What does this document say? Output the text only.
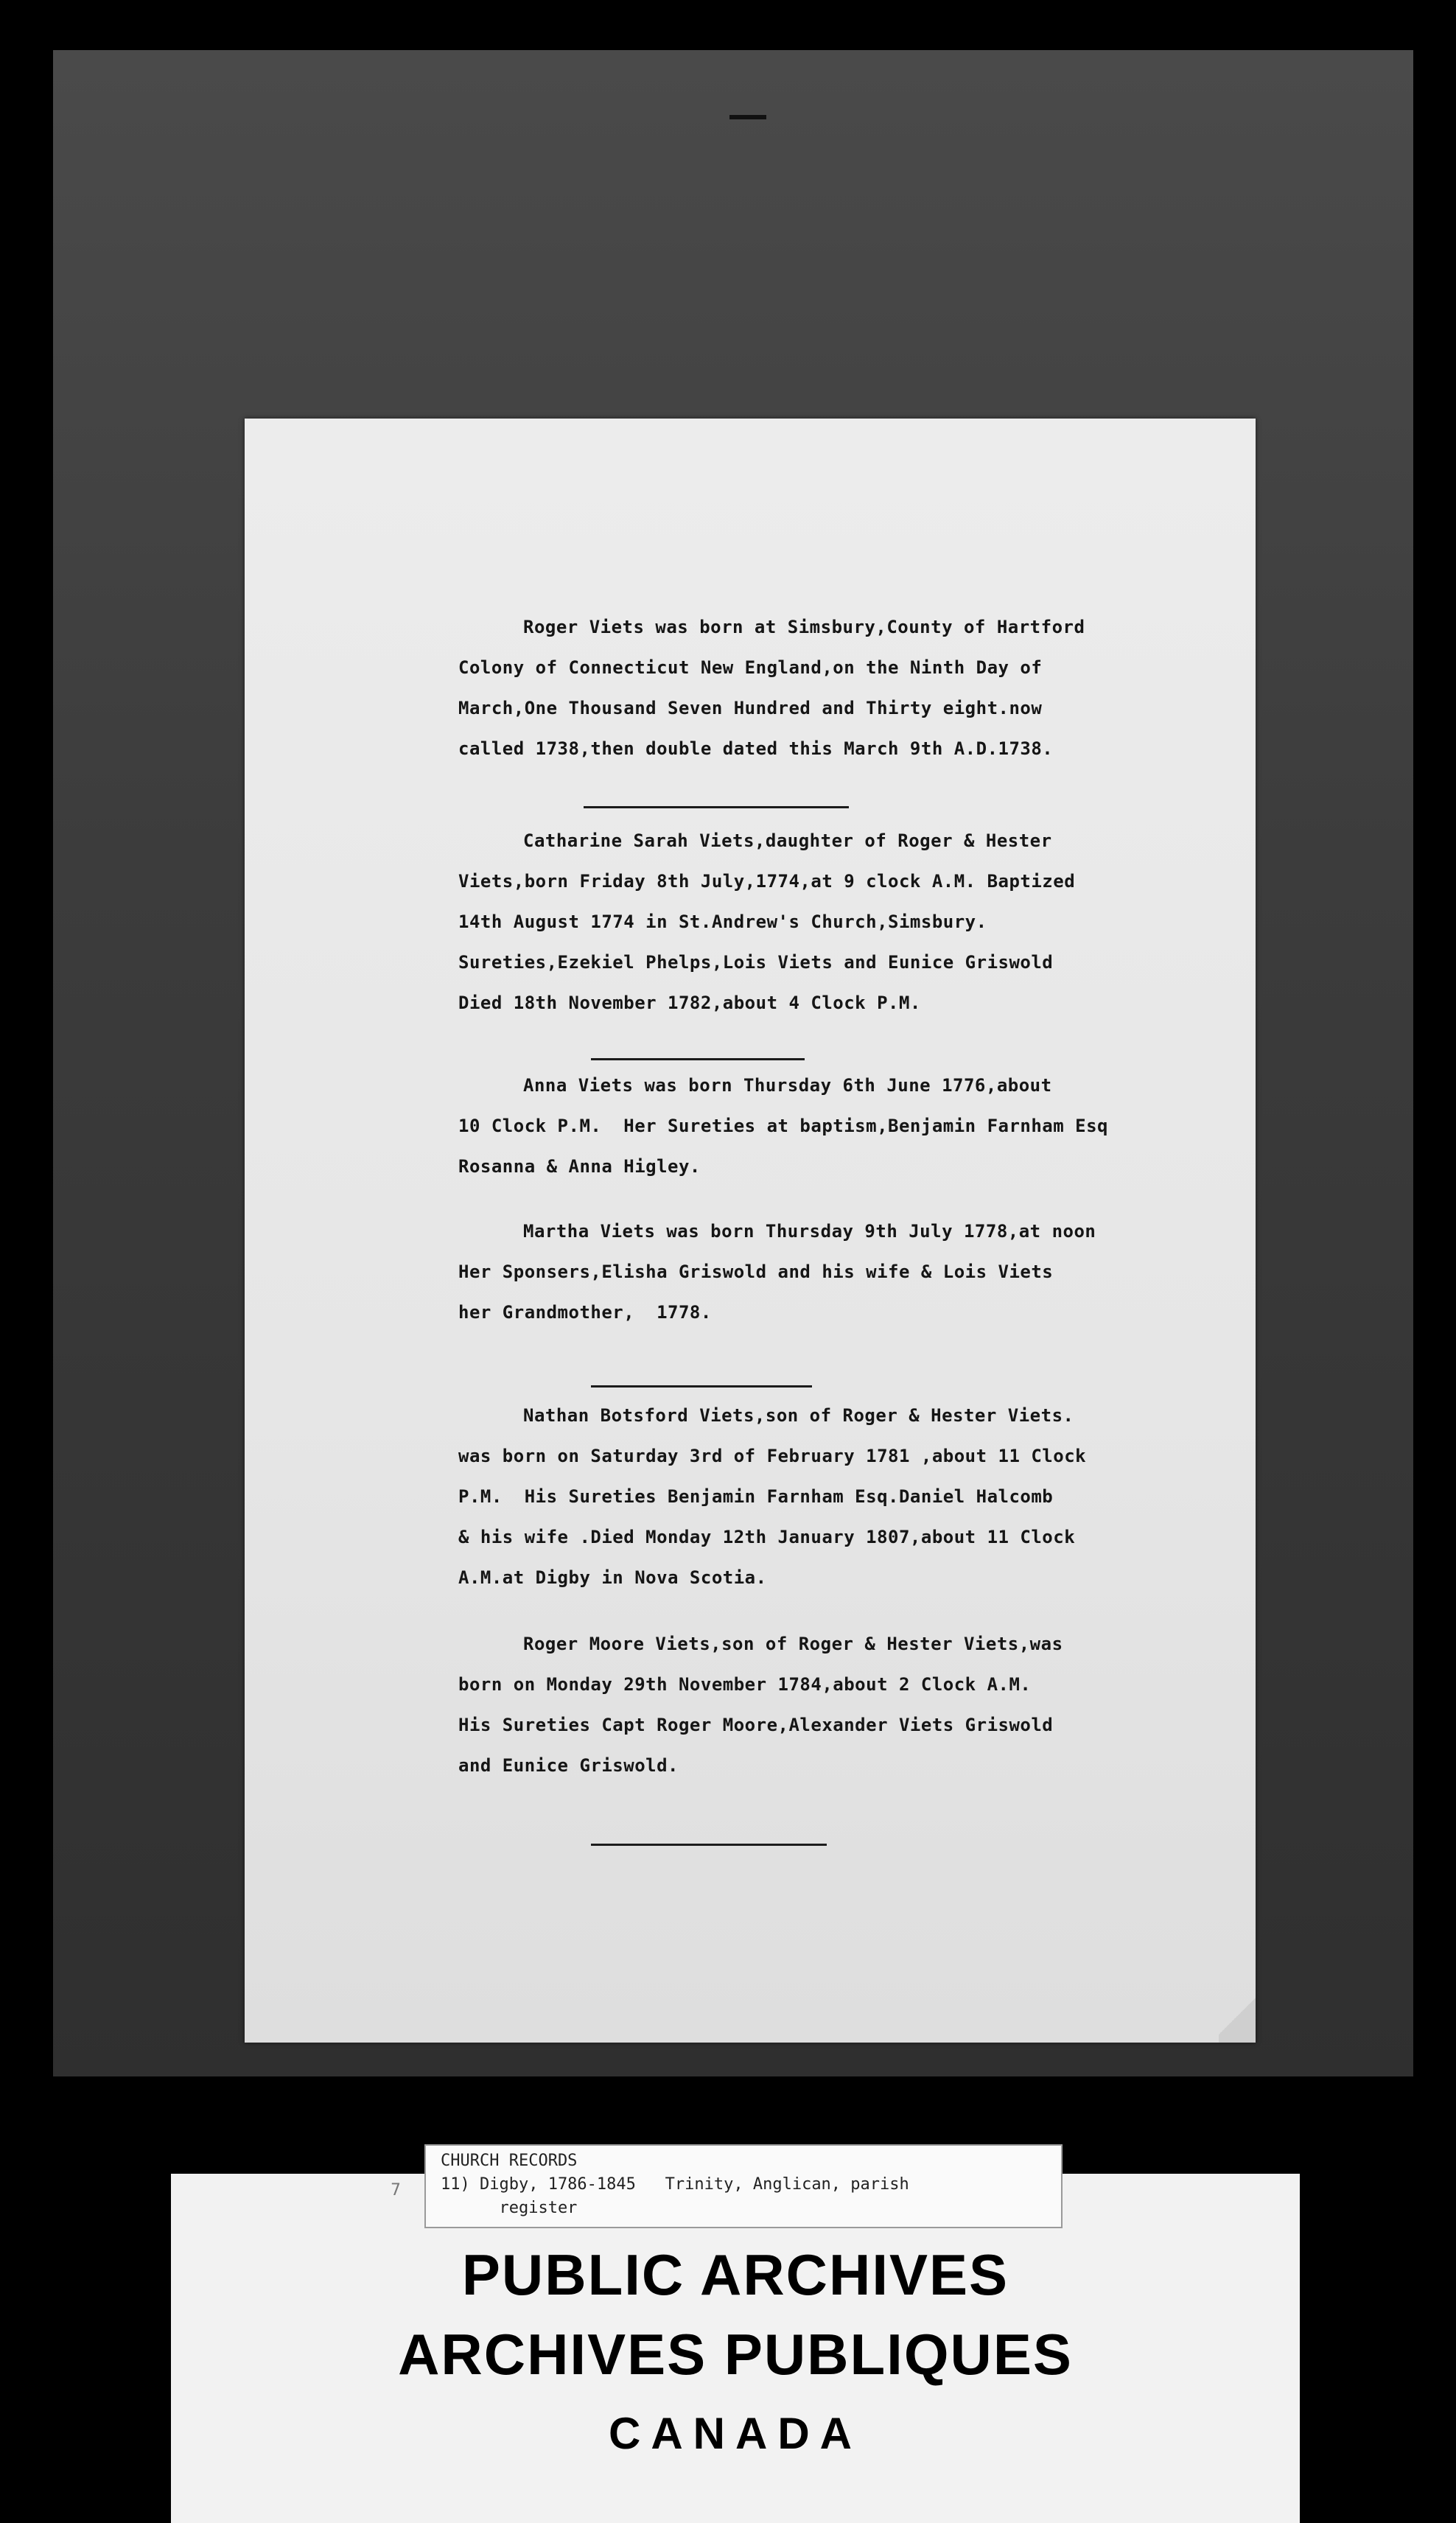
Roger Viets was born at Simsbury,County of Hartford
Colony of Connecticut New England,on the Ninth Day of
March,One Thousand Seven Hundred and Thirty eight.now
called 1738,then double dated this March 9th A.D.1738.
Catharine Sarah Viets,daughter of Roger & Hester
Viets,born Friday 8th July,1774,at 9 clock A.M. Baptized
14th August 1774 in St.Andrew's Church,Simsbury.
Sureties,Ezekiel Phelps,Lois Viets and Eunice Griswold
Died 18th November 1782,about 4 Clock P.M.
Anna Viets was born Thursday 6th June 1776,about
10 Clock P.M.  Her Sureties at baptism,Benjamin Farnham Esq
Rosanna & Anna Higley.
Martha Viets was born Thursday 9th July 1778,at noon
Her Sponsers,Elisha Griswold and his wife & Lois Viets
her Grandmother,  1778.
Nathan Botsford Viets,son of Roger & Hester Viets.
was born on Saturday 3rd of February 1781 ,about 11 Clock
P.M.  His Sureties Benjamin Farnham Esq.Daniel Halcomb
& his wife .Died Monday 12th January 1807,about 11 Clock
A.M.at Digby in Nova Scotia.
Roger Moore Viets,son of Roger & Hester Viets,was
born on Monday 29th November 1784,about 2 Clock A.M.
His Sureties Capt Roger Moore,Alexander Viets Griswold
and Eunice Griswold.
PUBLIC ARCHIVES
ARCHIVES PUBLIQUES
CANADA
7
CHURCH RECORDS
11) Digby, 1786-1845   Trinity, Anglican, parish
register
